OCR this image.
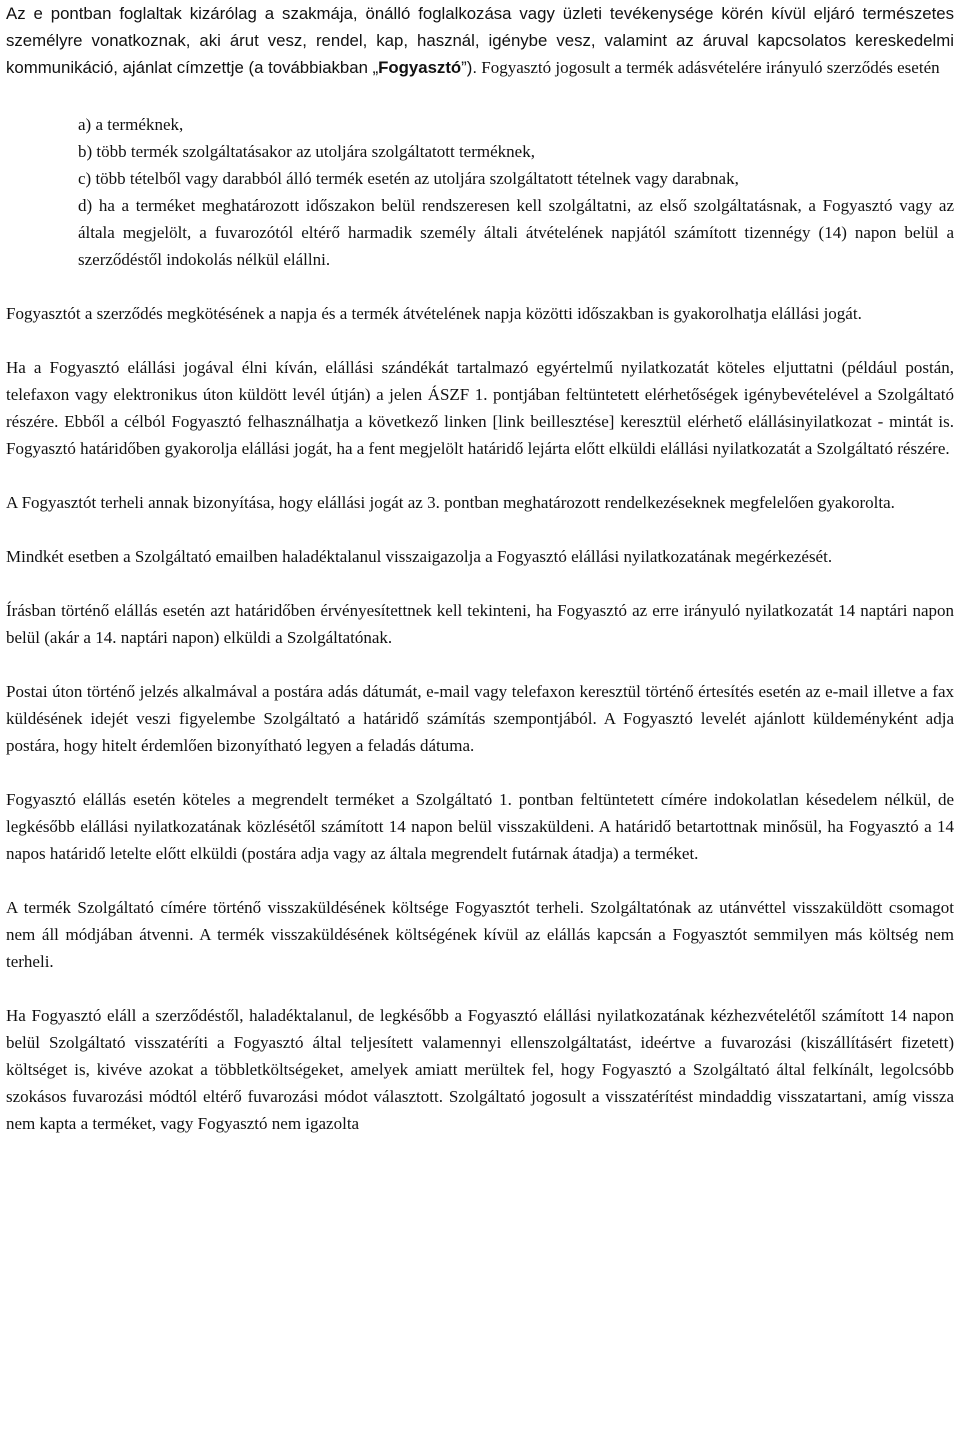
Az e pontban foglaltak kizárólag a szakmája, önálló foglalkozása vagy üzleti tevékenysége körén kívül eljáró természetes személyre vonatkoznak, aki árut vesz, rendel, kap, használ, igénybe vesz, valamint az áruval kapcsolatos kereskedelmi kommunikáció, ajánlat címzettje (a továbbiakban „Fogyasztó”). Fogyasztó jogosult a termék adásvételére irányuló szerződés esetén

a) a terméknek,

b) több termék szolgáltatásakor az utoljára szolgáltatott terméknek,

c) több tételből vagy darabból álló termék esetén az utoljára szolgáltatott tételnek vagy darabnak,

d) ha a terméket meghatározott időszakon belül rendszeresen kell szolgáltatni, az első szolgáltatásnak, a Fogyasztó vagy az általa megjelölt, a fuvarozótól eltérő harmadik személy általi átvételének napjától számított tizennégy (14) napon belül a szerződéstől indokolás nélkül elállni.

Fogyasztót a szerződés megkötésének a napja és a termék átvételének napja közötti időszakban is gyakorolhatja elállási jogát.

Ha a Fogyasztó elállási jogával élni kíván, elállási szándékát tartalmazó egyértelmű nyilatkozatát köteles eljuttatni (például postán, telefaxon vagy elektronikus úton küldött levél útján) a jelen ÁSZF 1. pontjában feltüntetett elérhetőségek igénybevételével a Szolgáltató részére. Ebből a célból Fogyasztó felhasználhatja a következő linken [link beillesztése] keresztül elérhető elállásinyilatkozat - mintát is. Fogyasztó határidőben gyakorolja elállási jogát, ha a fent megjelölt határidő lejárta előtt elküldi elállási nyilatkozatát a Szolgáltató részére.

A Fogyasztót terheli annak bizonyítása, hogy elállási jogát az 3. pontban meghatározott rendelkezéseknek megfelelően gyakorolta.

Mindkét esetben a Szolgáltató emailben haladéktalanul visszaigazolja a Fogyasztó elállási nyilatkozatának megérkezését.

Írásban történő elállás esetén azt határidőben érvényesítettnek kell tekinteni, ha Fogyasztó az erre irányuló nyilatkozatát 14 naptári napon belül (akár a 14. naptári napon) elküldi a Szolgáltatónak.

Postai úton történő jelzés alkalmával a postára adás dátumát, e-mail vagy telefaxon keresztül történő értesítés esetén az e-mail illetve a fax küldésének idejét veszi figyelembe Szolgáltató a határidő számítás szempontjából. A Fogyasztó levelét ajánlott küldeményként adja postára, hogy hitelt érdemlően bizonyítható legyen a feladás dátuma.

Fogyasztó elállás esetén köteles a megrendelt terméket a Szolgáltató 1. pontban feltüntetett címére indokolatlan késedelem nélkül, de legkésőbb elállási nyilatkozatának közlésétől számított 14 napon belül visszaküldeni. A határidő betartottnak minősül, ha Fogyasztó a 14 napos határidő letelte előtt elküldi (postára adja vagy az általa megrendelt futárnak átadja) a terméket.

A termék Szolgáltató címére történő visszaküldésének költsége Fogyasztót terheli. Szolgáltatónak az utánvéttel visszaküldött csomagot nem áll módjában átvenni. A termék visszaküldésének költségének kívül az elállás kapcsán a Fogyasztót semmilyen más költség nem terheli.

Ha Fogyasztó eláll a szerződéstől, haladéktalanul, de legkésőbb a Fogyasztó elállási nyilatkozatának kézhezvételétől számított 14 napon belül Szolgáltató visszatéríti a Fogyasztó által teljesített valamennyi ellenszolgáltatást, ideértve a fuvarozási (kiszállításért fizetett) költséget is, kivéve azokat a többletköltségeket, amelyek amiatt merültek fel, hogy Fogyasztó a Szolgáltató által felkínált, legolcsóbb szokásos fuvarozási módtól eltérő fuvarozási módot választott. Szolgáltató jogosult a visszatérítést mindaddig visszatartani, amíg vissza nem kapta a terméket, vagy Fogyasztó nem igazolta
